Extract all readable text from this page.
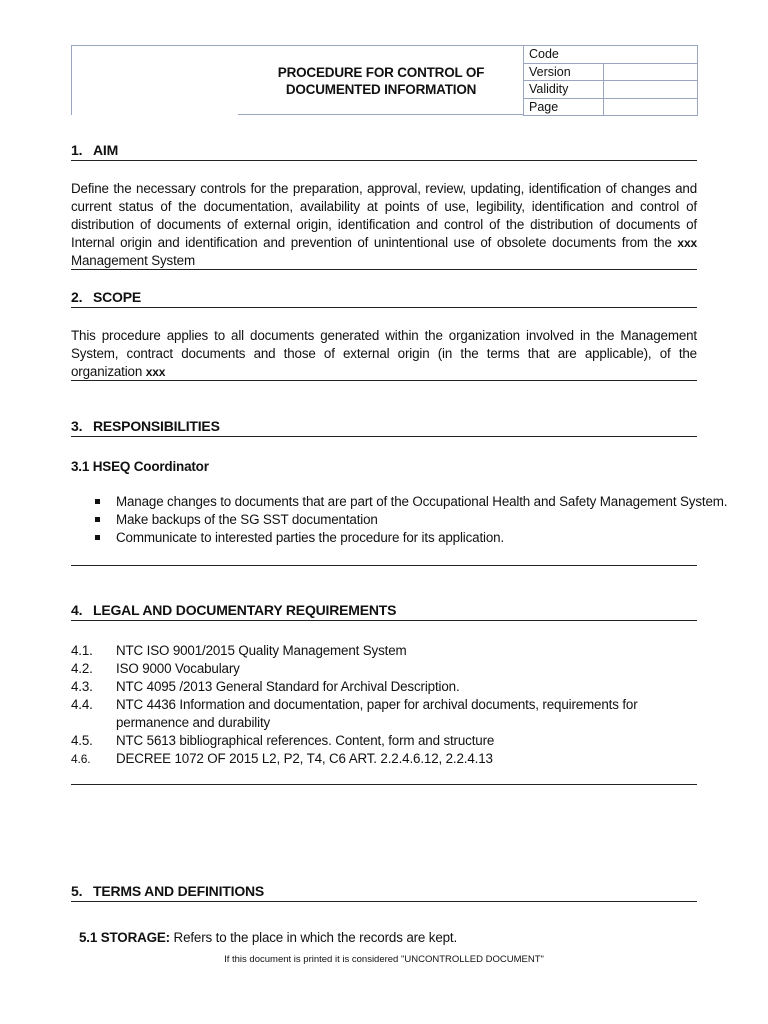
PROCEDURE FOR CONTROL OF DOCUMENTED INFORMATION
Code	
Version	
Validity	
Page	
1. AIM
Define the necessary controls for the preparation, approval, review, updating, identification of changes and current status of the documentation, availability at points of use, legibility, identification and control of distribution of documents of external origin, identification and control of the distribution of documents of Internal origin and identification and prevention of unintentional use of obsolete documents from the xxx Management System
2. SCOPE
This procedure applies to all documents generated within the organization involved in the Management System, contract documents and those of external origin (in the terms that are applicable), of the organization xxx
3. RESPONSIBILITIES
3.1 HSEQ Coordinator
Manage changes to documents that are part of the Occupational Health and Safety Management System.
Make backups of the SG SST documentation
Communicate to interested parties the procedure for its application.
4. LEGAL AND DOCUMENTARY REQUIREMENTS
4.1.	NTC ISO 9001/2015 Quality Management System
4.2.	ISO 9000 Vocabulary
4.3.	NTC 4095 /2013 General Standard for Archival Description.
4.4.	NTC 4436 Information and documentation, paper for archival documents, requirements for permanence and durability
4.5.	NTC 5613 bibliographical references. Content, form and structure
4.6.	DECREE 1072 OF 2015 L2, P2, T4, C6 ART. 2.2.4.6.12, 2.2.4.13
5. TERMS AND DEFINITIONS
5.1 STORAGE: Refers to the place in which the records are kept.
If this document is printed it is considered "UNCONTROLLED DOCUMENT"
